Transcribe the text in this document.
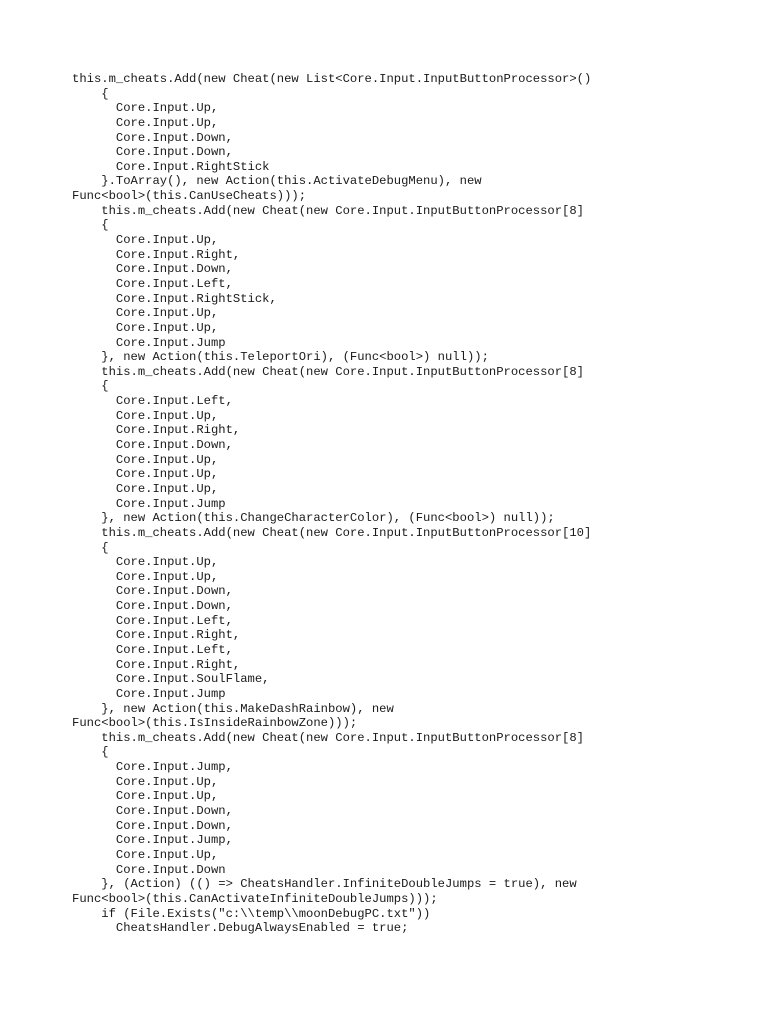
this.m_cheats.Add(new Cheat(new List<Core.Input.InputButtonProcessor>()
{
Core.Input.Up,
Core.Input.Up,
Core.Input.Down,
Core.Input.Down,
Core.Input.RightStick
}.ToArray(), new Action(this.ActivateDebugMenu), new
Func<bool>(this.CanUseCheats)));
this.m_cheats.Add(new Cheat(new Core.Input.InputButtonProcessor[8]
{
Core.Input.Up,
Core.Input.Right,
Core.Input.Down,
Core.Input.Left,
Core.Input.RightStick,
Core.Input.Up,
Core.Input.Up,
Core.Input.Jump
}, new Action(this.TeleportOri), (Func<bool>) null));
this.m_cheats.Add(new Cheat(new Core.Input.InputButtonProcessor[8]
{
Core.Input.Left,
Core.Input.Up,
Core.Input.Right,
Core.Input.Down,
Core.Input.Up,
Core.Input.Up,
Core.Input.Up,
Core.Input.Jump
}, new Action(this.ChangeCharacterColor), (Func<bool>) null));
this.m_cheats.Add(new Cheat(new Core.Input.InputButtonProcessor[10]
{
Core.Input.Up,
Core.Input.Up,
Core.Input.Down,
Core.Input.Down,
Core.Input.Left,
Core.Input.Right,
Core.Input.Left,
Core.Input.Right,
Core.Input.SoulFlame,
Core.Input.Jump
}, new Action(this.MakeDashRainbow), new
Func<bool>(this.IsInsideRainbowZone)));
this.m_cheats.Add(new Cheat(new Core.Input.InputButtonProcessor[8]
{
Core.Input.Jump,
Core.Input.Up,
Core.Input.Up,
Core.Input.Down,
Core.Input.Down,
Core.Input.Jump,
Core.Input.Up,
Core.Input.Down
}, (Action) (() => CheatsHandler.InfiniteDoubleJumps = true), new
Func<bool>(this.CanActivateInfiniteDoubleJumps)));
if (File.Exists("c:\\temp\\moonDebugPC.txt"))
CheatsHandler.DebugAlwaysEnabled = true;
